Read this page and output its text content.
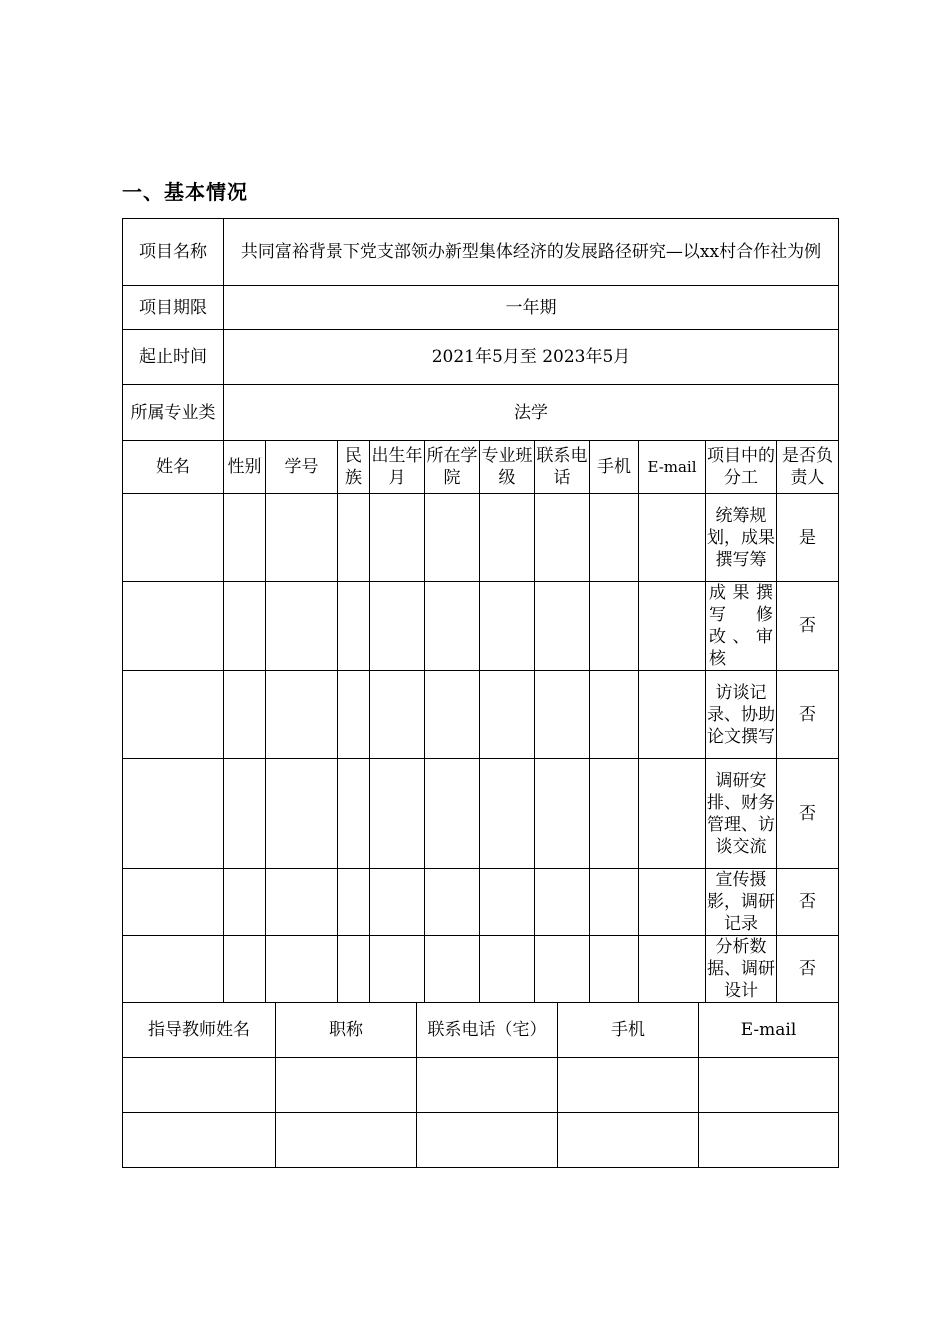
一、基本情况
项目名称	共同富裕背景下党支部领办新型集体经济的发展路径研究—以xx村合作社为例										
项目期限	一年期										
起止时间	2021年5月至 2023年5月										
所属专业类	法学										
姓名	性别	学号	民族	出生年月	所在学院	专业班级	联系电话	手机	E-mail	项目中的分工	是否负责人
										统筹规划，成果撰写筹	是
										成果撰写修改、审核	否
										访谈记录、协助论文撰写	否
										调研安排、财务管理、访谈交流	否
										宣传摄影，调研记录	否
										分析数据、调研设计	否
指导教师姓名	职称	联系电话（宅）	手机	E-mail
